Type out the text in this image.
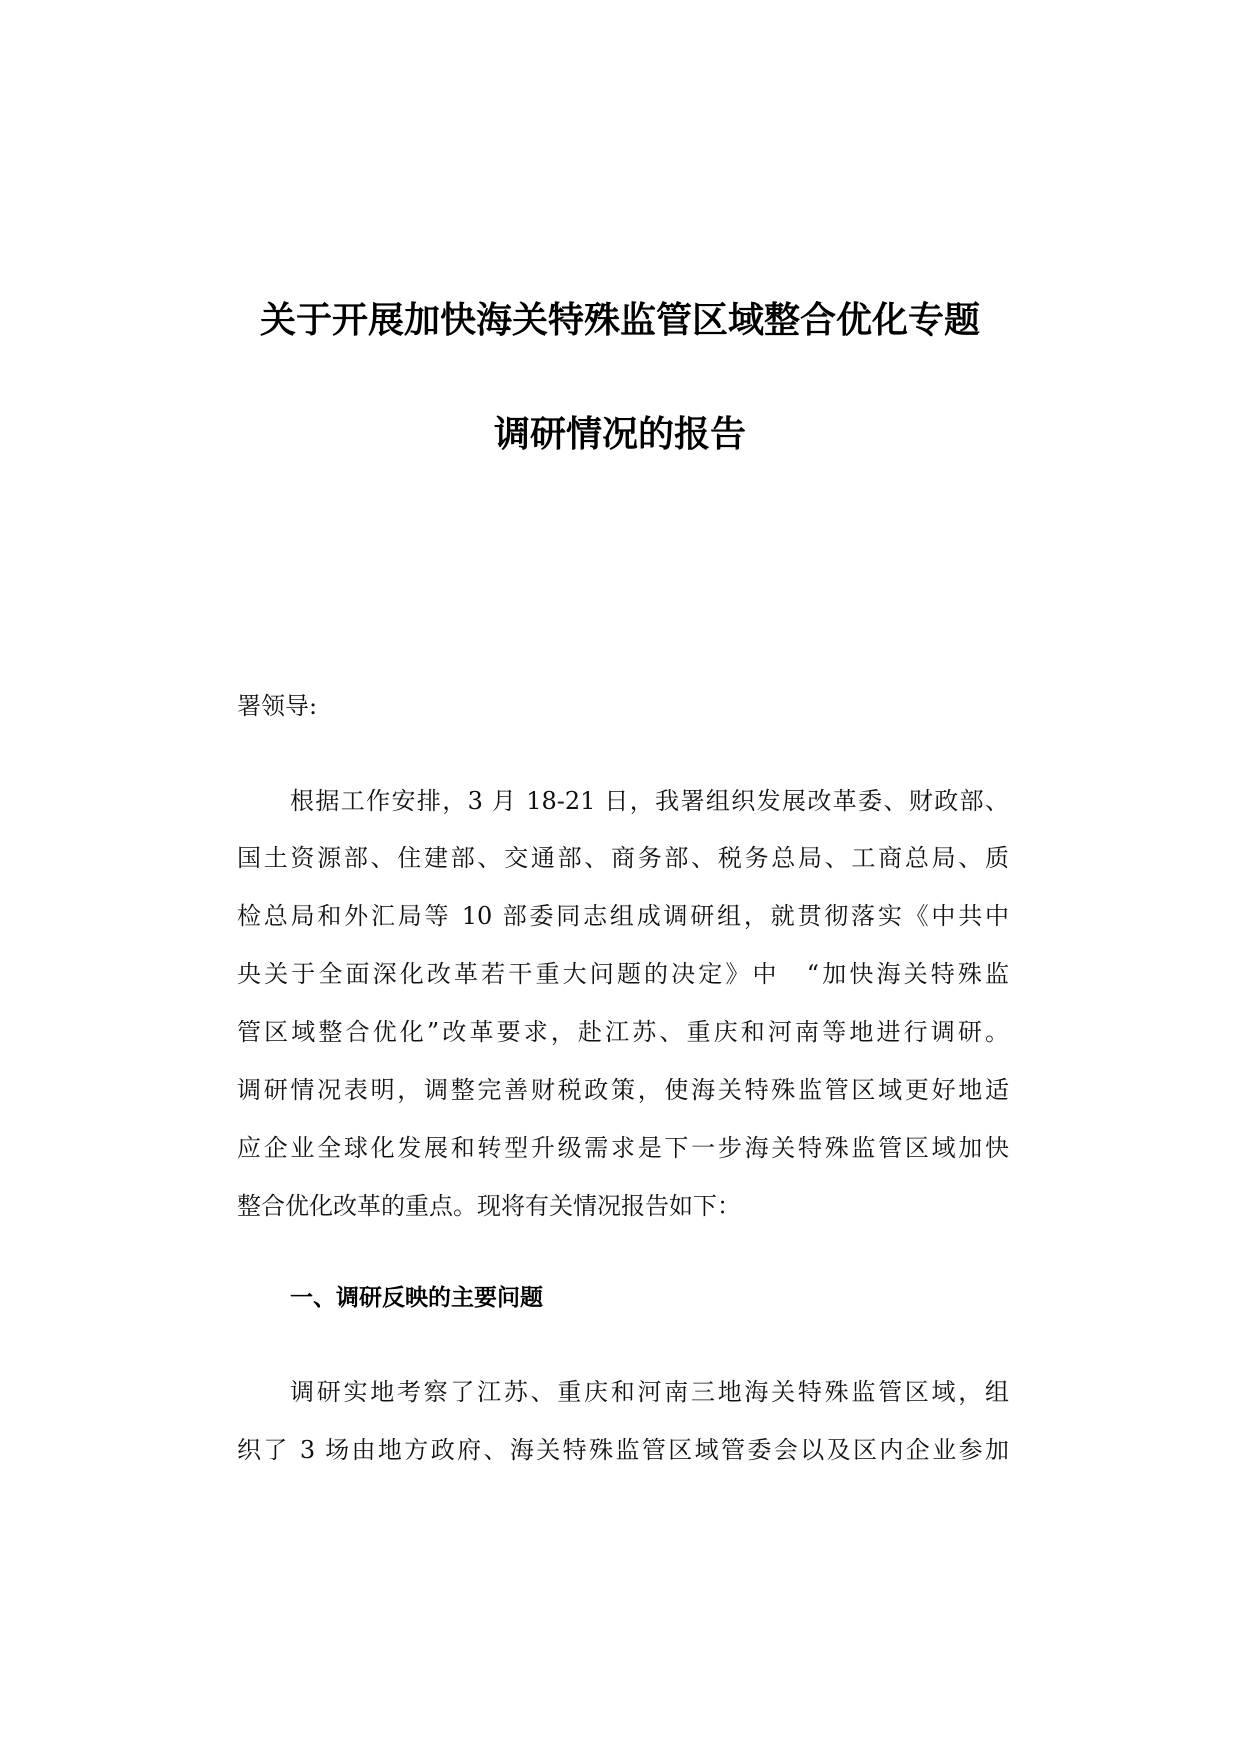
关于开展加快海关特殊监管区域整合优化专题
调研情况的报告
署领导:
根据工作安排，3 月 18-21 日，我署组织发展改革委、财政部、
国土资源部、住建部、交通部、商务部、税务总局、工商总局、质
检总局和外汇局等 10 部委同志组成调研组，就贯彻落实《中共中
央关于全面深化改革若干重大问题的决定》中　“加快海关特殊监
管区域整合优化”改革要求，赴江苏、重庆和河南等地进行调研。
调研情况表明，调整完善财税政策，使海关特殊监管区域更好地适
应企业全球化发展和转型升级需求是下一步海关特殊监管区域加快
整合优化改革的重点。现将有关情况报告如下：
一、调研反映的主要问题
调研实地考察了江苏、重庆和河南三地海关特殊监管区域，组
织了 3 场由地方政府、海关特殊监管区域管委会以及区内企业参加
